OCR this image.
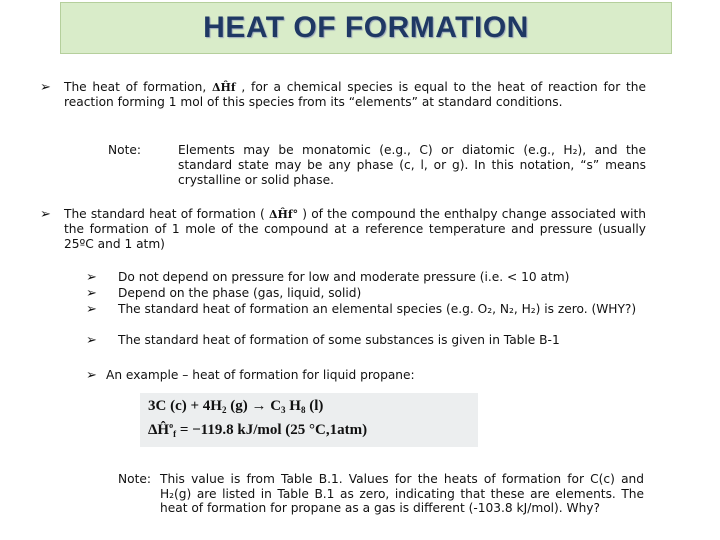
HEAT OF FORMATION
➢ The heat of formation, ΔĤf , for a chemical species is equal to the heat of reaction for the reaction forming 1 mol of this species from its “elements” at standard conditions.
Note:	Elements may be monatomic (e.g., C) or diatomic (e.g., H₂), and the standard state may be any phase (c, l, or g). In this notation, “s” means crystalline or solid phase.
➢ The standard heat of formation ( ΔĤf° ) of the compound the enthalpy change associated with the formation of 1 mole of the compound at a reference temperature and pressure (usually 25ºC and 1 atm)
➢ Do not depend on pressure for low and moderate pressure (i.e. < 10 atm)
➢ Depend on the phase (gas, liquid, solid)
➢ The standard heat of formation an elemental species (e.g. O₂, N₂, H₂) is zero. (WHY?)
➢ The standard heat of formation of some substances is given in Table B-1
➢ An example – heat of formation for liquid propane:
3C $(c) + 4H_2$ $(g) \to C_3$ $H_8$ (l)
$\Delta Ĥ^o_f = -119.8$ kJ/mol (25 °C,1atm)
Note: This value is from Table B.1. Values for the heats of formation for C(c) and H₂(g) are listed in Table B.1 as zero, indicating that these are elements. The heat of formation for propane as a gas is different (-103.8 kJ/mol). Why?
